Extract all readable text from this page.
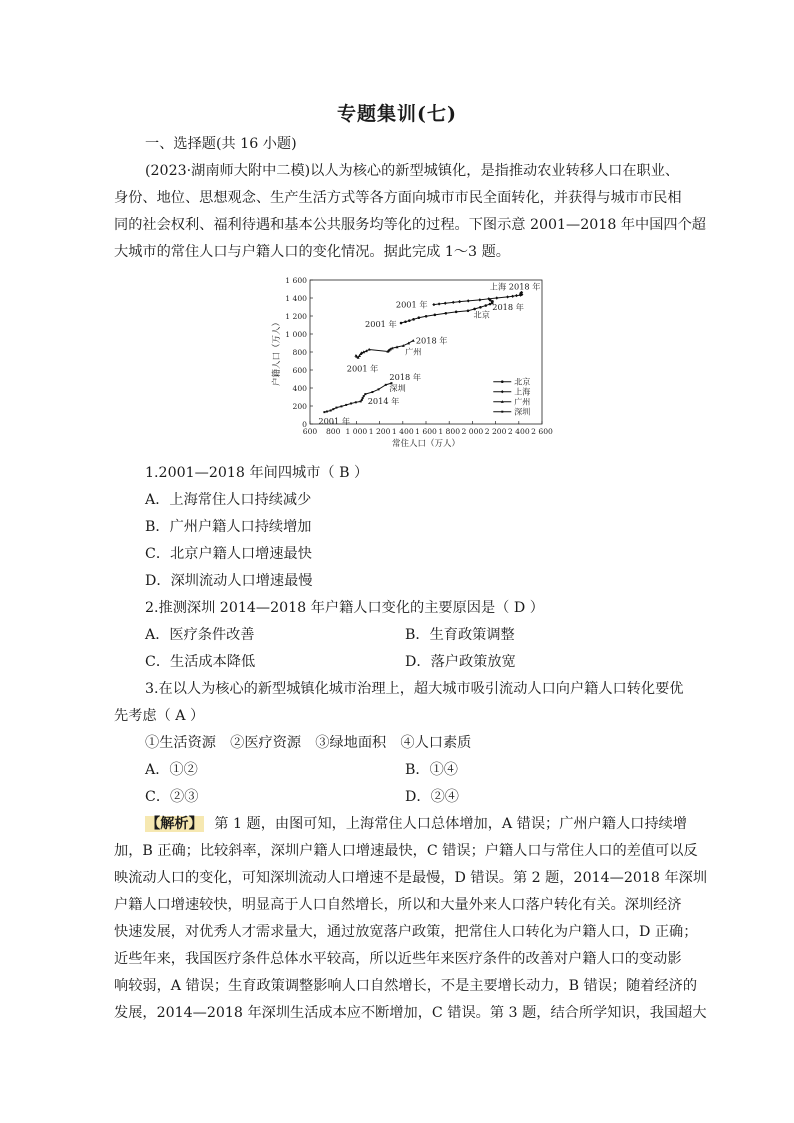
专题集训(七)
一、选择题(共 16 小题)
(2023·湖南师大附中二模)以人为核心的新型城镇化，是指推动农业转移人口在职业、
身份、地位、思想观念、生产生活方式等各方面向城市市民全面转化，并获得与城市市民相
同的社会权利、福利待遇和基本公共服务均等化的过程。下图示意 2001—2018 年中国四个超
大城市的常住人口与户籍人口的变化情况。据此完成 1～3 题。
600 800 1 000 1 200 1 400 1 600 1 800 2 000 2 200 2 400 2 600
0
200
400
600
800
1 000
1 200
1 400
1 600
常住人口（万人）
户籍人口（万人）	2001 年
2018 年
北京
2001 年
上海 2018 年
2001 年
2018 年
广州
2001 年
2014 年
2018 年
深圳
北京
上海
广州
深圳
1.2001—2018 年间四城市（ B ）
A．上海常住人口持续减少
B．广州户籍人口持续增加
C．北京户籍人口增速最快
D．深圳流动人口增速最慢
2.推测深圳 2014—2018 年户籍人口变化的主要原因是（ D ）
A．医疗条件改善	B．生育政策调整
C．生活成本降低	D．落户政策放宽
3.在以人为核心的新型城镇化城市治理上，超大城市吸引流动人口向户籍人口转化要优
先考虑（ A ）
①生活资源　②医疗资源　③绿地面积　④人口素质
A．①②	B．①④
C．②③	D．②④
【解析】 第 1 题，由图可知，上海常住人口总体增加，A 错误；广州户籍人口持续增
加，B 正确；比较斜率，深圳户籍人口增速最快，C 错误；户籍人口与常住人口的差值可以反
映流动人口的变化，可知深圳流动人口增速不是最慢，D 错误。第 2 题，2014—2018 年深圳
户籍人口增速较快，明显高于人口自然增长，所以和大量外来人口落户转化有关。深圳经济
快速发展，对优秀人才需求量大，通过放宽落户政策，把常住人口转化为户籍人口，D 正确；
近些年来，我国医疗条件总体水平较高，所以近些年来医疗条件的改善对户籍人口的变动影
响较弱，A 错误；生育政策调整影响人口自然增长，不是主要增长动力，B 错误；随着经济的
发展，2014—2018 年深圳生活成本应不断增加，C 错误。第 3 题，结合所学知识，我国超大
